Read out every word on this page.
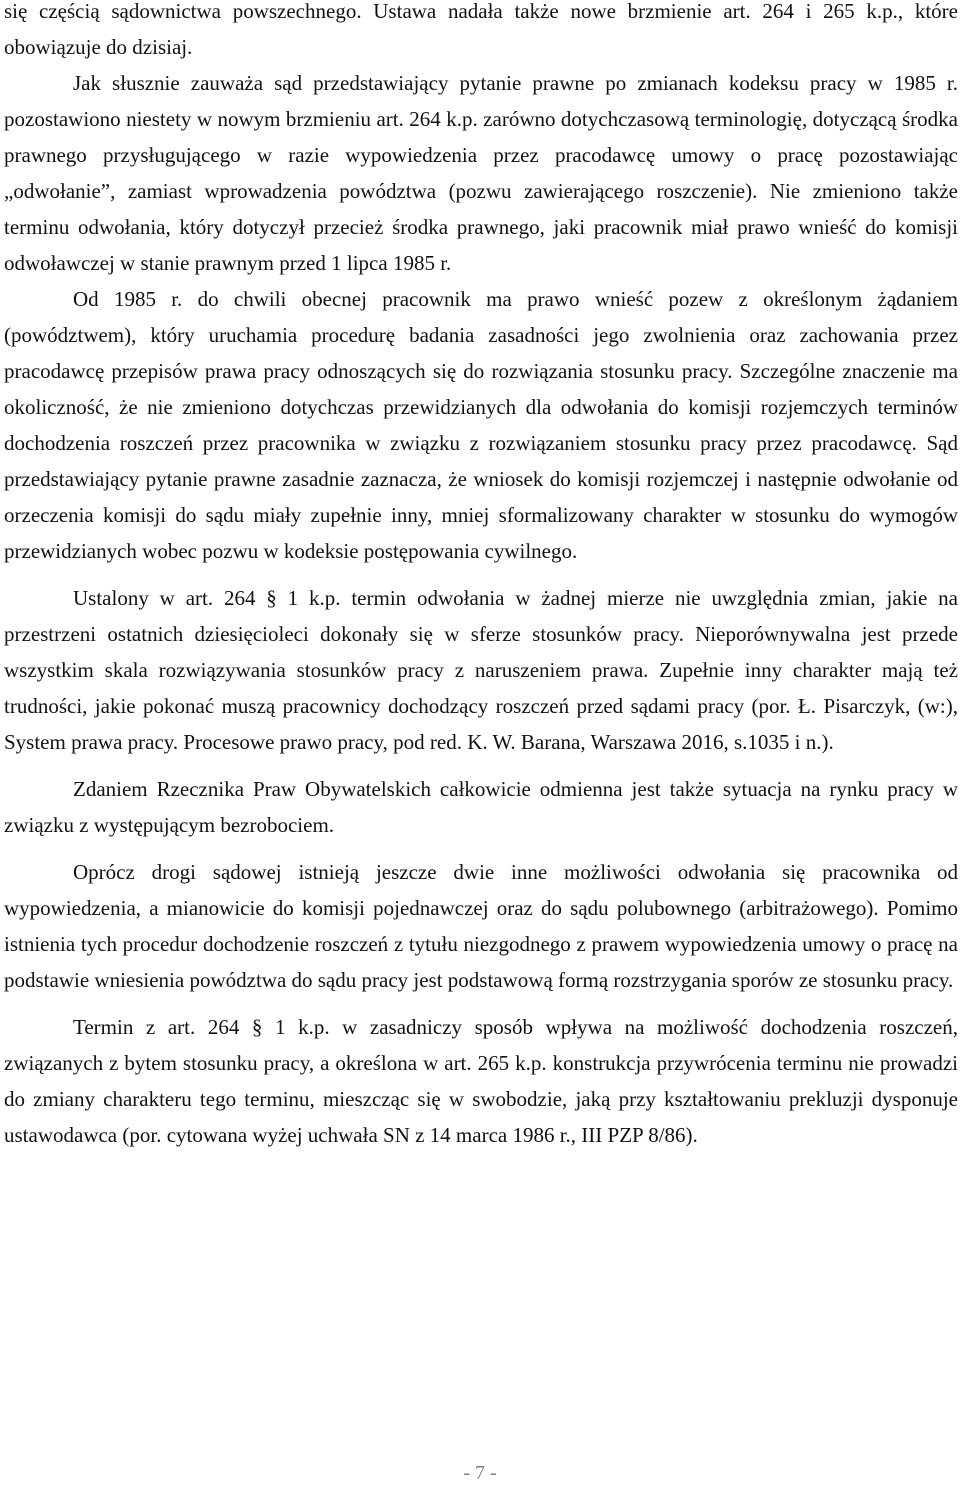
się częścią sądownictwa powszechnego. Ustawa nadała także nowe brzmienie art. 264 i 265 k.p., które obowiązuje do dzisiaj.

Jak słusznie zauważa sąd przedstawiający pytanie prawne po zmianach kodeksu pracy w 1985 r. pozostawiono niestety w nowym brzmieniu art. 264 k.p. zarówno dotychczasową terminologię, dotyczącą środka prawnego przysługującego w razie wypowiedzenia przez pracodawcę umowy o pracę pozostawiając „odwołanie”, zamiast wprowadzenia powództwa (pozwu zawierającego roszczenie). Nie zmieniono także terminu odwołania, który dotyczył przecież środka prawnego, jaki pracownik miał prawo wnieść do komisji odwoławczej w stanie prawnym przed 1 lipca 1985 r.

Od 1985 r. do chwili obecnej pracownik ma prawo wnieść pozew z określonym żądaniem (powództwem), który uruchamia procedurę badania zasadności jego zwolnienia oraz zachowania przez pracodawcę przepisów prawa pracy odnoszących się do rozwiązania stosunku pracy. Szczególne znaczenie ma okoliczność, że nie zmieniono dotychczas przewidzianych dla odwołania do komisji rozjemczych terminów dochodzenia roszczeń przez pracownika w związku z rozwiązaniem stosunku pracy przez pracodawcę. Sąd przedstawiający pytanie prawne zasadnie zaznacza, że wniosek do komisji rozjemczej i następnie odwołanie od orzeczenia komisji do sądu miały zupełnie inny, mniej sformalizowany charakter w stosunku do wymogów przewidzianych wobec pozwu w kodeksie postępowania cywilnego.

Ustalony w art. 264 § 1 k.p. termin odwołania w żadnej mierze nie uwzględnia zmian, jakie na przestrzeni ostatnich dziesięcioleci dokonały się w sferze stosunków pracy. Nieporównywalna jest przede wszystkim skala rozwiązywania stosunków pracy z naruszeniem prawa. Zupełnie inny charakter mają też trudności, jakie pokonać muszą pracownicy dochodzący roszczeń przed sądami pracy (por. Ł. Pisarczyk, (w:), System prawa pracy. Procesowe prawo pracy, pod red. K. W. Barana, Warszawa 2016, s.1035 i n.).

Zdaniem Rzecznika Praw Obywatelskich całkowicie odmienna jest także sytuacja na rynku pracy w związku z występującym bezrobociem.

Oprócz drogi sądowej istnieją jeszcze dwie inne możliwości odwołania się pracownika od wypowiedzenia, a mianowicie do komisji pojednawczej oraz do sądu polubownego (arbitrażowego). Pomimo istnienia tych procedur dochodzenie roszczeń z tytułu niezgodnego z prawem wypowiedzenia umowy o pracę na podstawie wniesienia powództwa do sądu pracy jest podstawową formą rozstrzygania sporów ze stosunku pracy.

Termin z art. 264 § 1 k.p. w zasadniczy sposób wpływa na możliwość dochodzenia roszczeń, związanych z bytem stosunku pracy, a określona w art. 265 k.p. konstrukcja przywrócenia terminu nie prowadzi do zmiany charakteru tego terminu, mieszcząc się w swobodzie, jaką przy kształtowaniu prekluzji dysponuje ustawodawca (por. cytowana wyżej uchwała SN z 14 marca 1986 r., III PZP 8/86).

- 7 -
